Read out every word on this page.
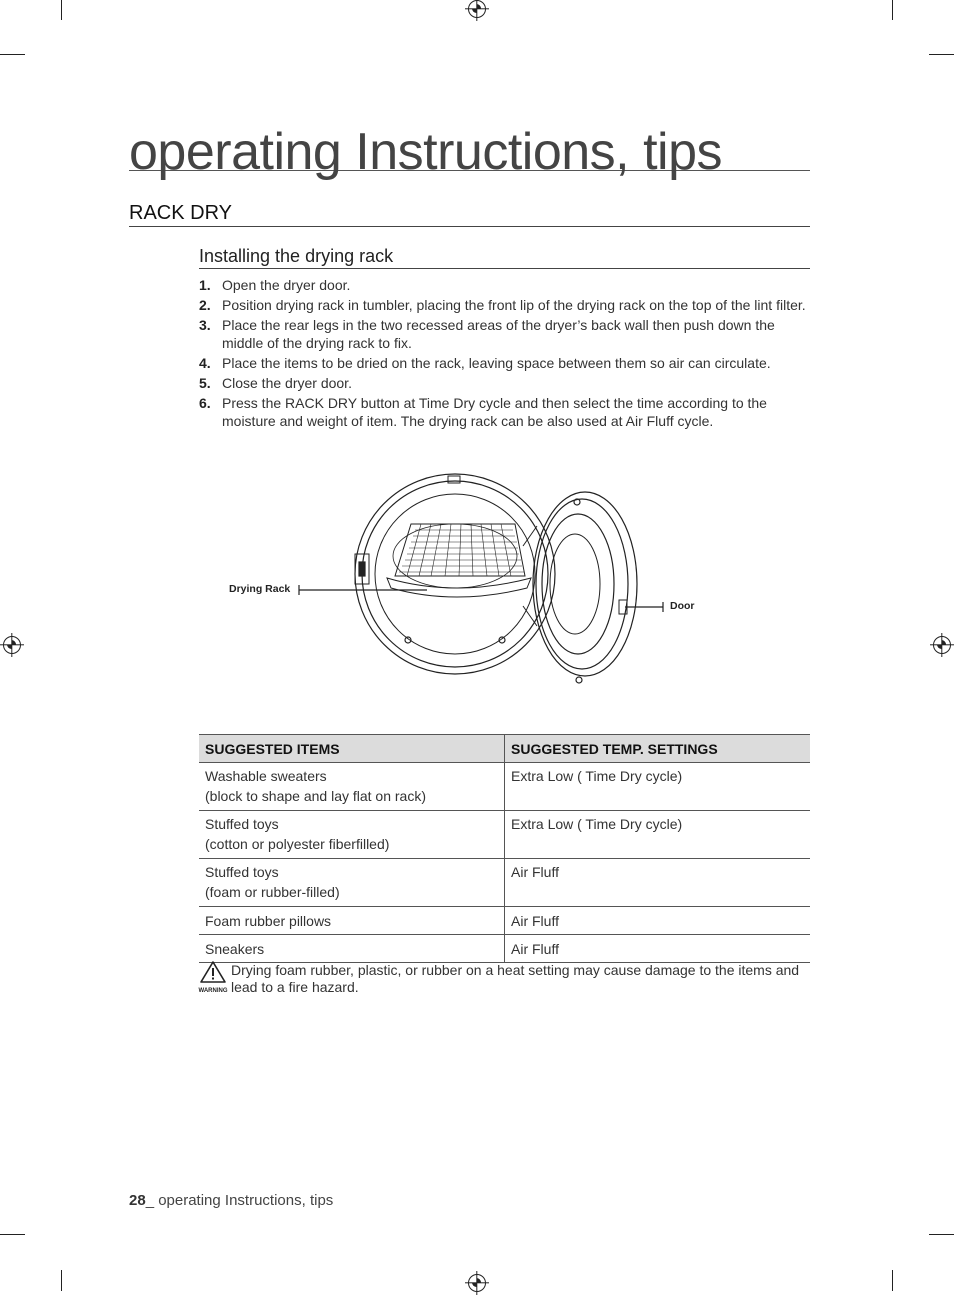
operating Instructions, tips
RACK DRY
Installing the drying rack
1. Open the dryer door.
2. Position drying rack in tumbler, placing the front lip of the drying rack on the top of the lint filter.
3. Place the rear legs in the two recessed areas of the dryer’s back wall then push down the middle of the drying rack to fix.
4. Place the items to be dried on the rack, leaving space between them so air can circulate.
5. Close the dryer door.
6. Press the RACK DRY button at Time Dry cycle and then select the time according to the moisture and weight of item. The drying rack can be also used at Air Fluff cycle.
Drying Rack
Door
SUGGESTED ITEMS	SUGGESTED TEMP. SETTINGS

Washable sweaters
(block to shape and lay flat on rack)	Extra Low ( Time Dry cycle)

Stuffed toys
(cotton or polyester fiberfilled)	Extra Low ( Time Dry cycle)

Stuffed toys
(foam or rubber-filled)	Air Fluff

Foam rubber pillows	Air Fluff

Sneakers	Air Fluff
WARNING
Drying foam rubber, plastic, or rubber on a heat setting may cause damage to the items and lead to a fire hazard.
28_ operating Instructions, tips
